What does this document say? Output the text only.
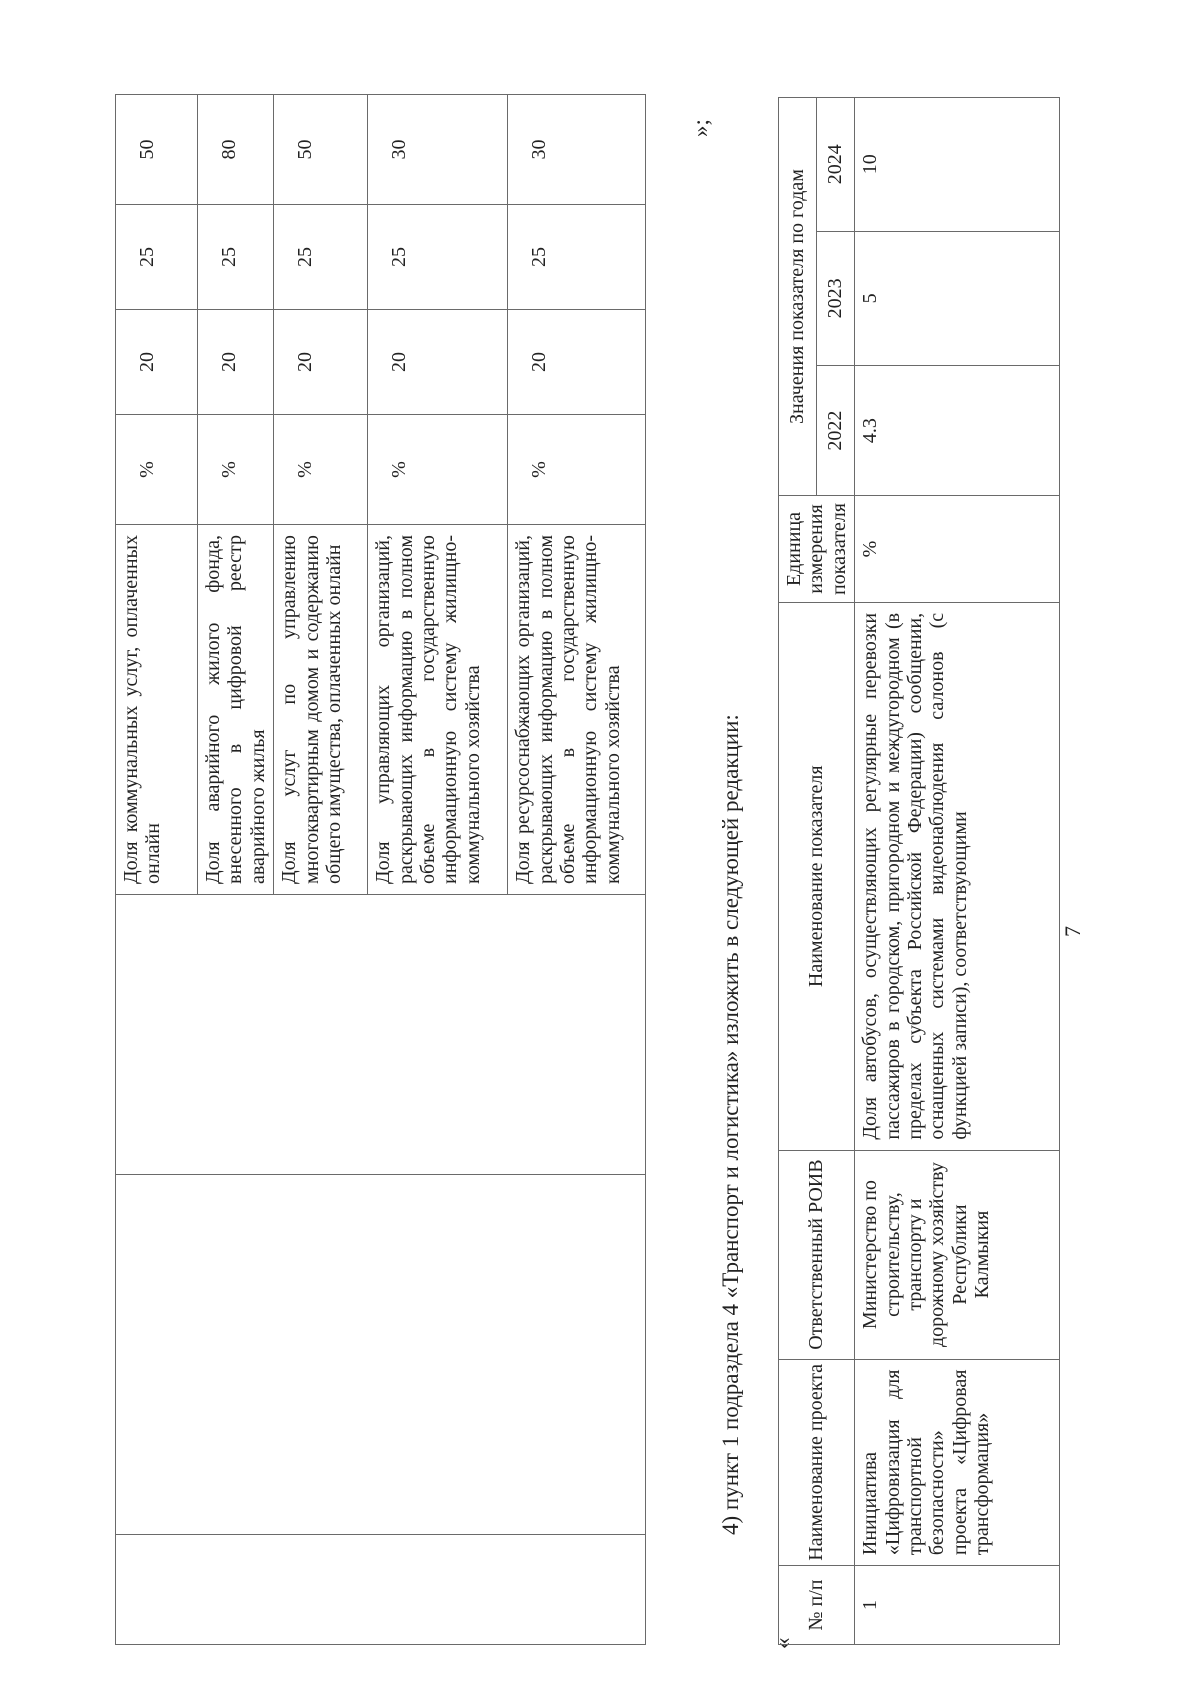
7
			Доля коммунальных услуг, оплаченных онлайн	%	20	25	50
			Доля аварийного жилого фонда, внесенного в цифровой реестр аварийного жилья	%	20	25	80
			Доля услуг по управлению многоквартирным домом и содержанию общего имущества, оплаченных онлайн	%	20	25	50
			Доля управляющих организаций, раскрывающих информацию в полном объеме в государственную информационную систему жилищно-коммунального хозяйства	%	20	25	30
			Доля ресурсоснабжающих организаций, раскрывающих информацию в полном объеме в государственную информационную систему жилищно-коммунального хозяйства	%	20	25	30
»;
4) пункт 1 подраздела 4 «Транспорт и логистика» изложить в следующей редакции:
«
№ п/п	Наименование проекта	Ответственный РОИВ	Наименование показателя	Единица измерения показателя	Значения показателя по годам		
					2022	2023	2024
1	Инициатива «Цифровизация для транспортной безопасности» проекта «Цифровая трансформация»	Министерство по строительству, транспорту и дорожному хозяйству Республики Калмыкия	Доля автобусов, осуществляющих регулярные перевозки пассажиров в городском, пригородном и междугородном (в пределах субъекта Российской Федерации) сообщении, оснащенных системами видеонаблюдения салонов (с функцией записи), соответствующими	%	4.3	5	10
